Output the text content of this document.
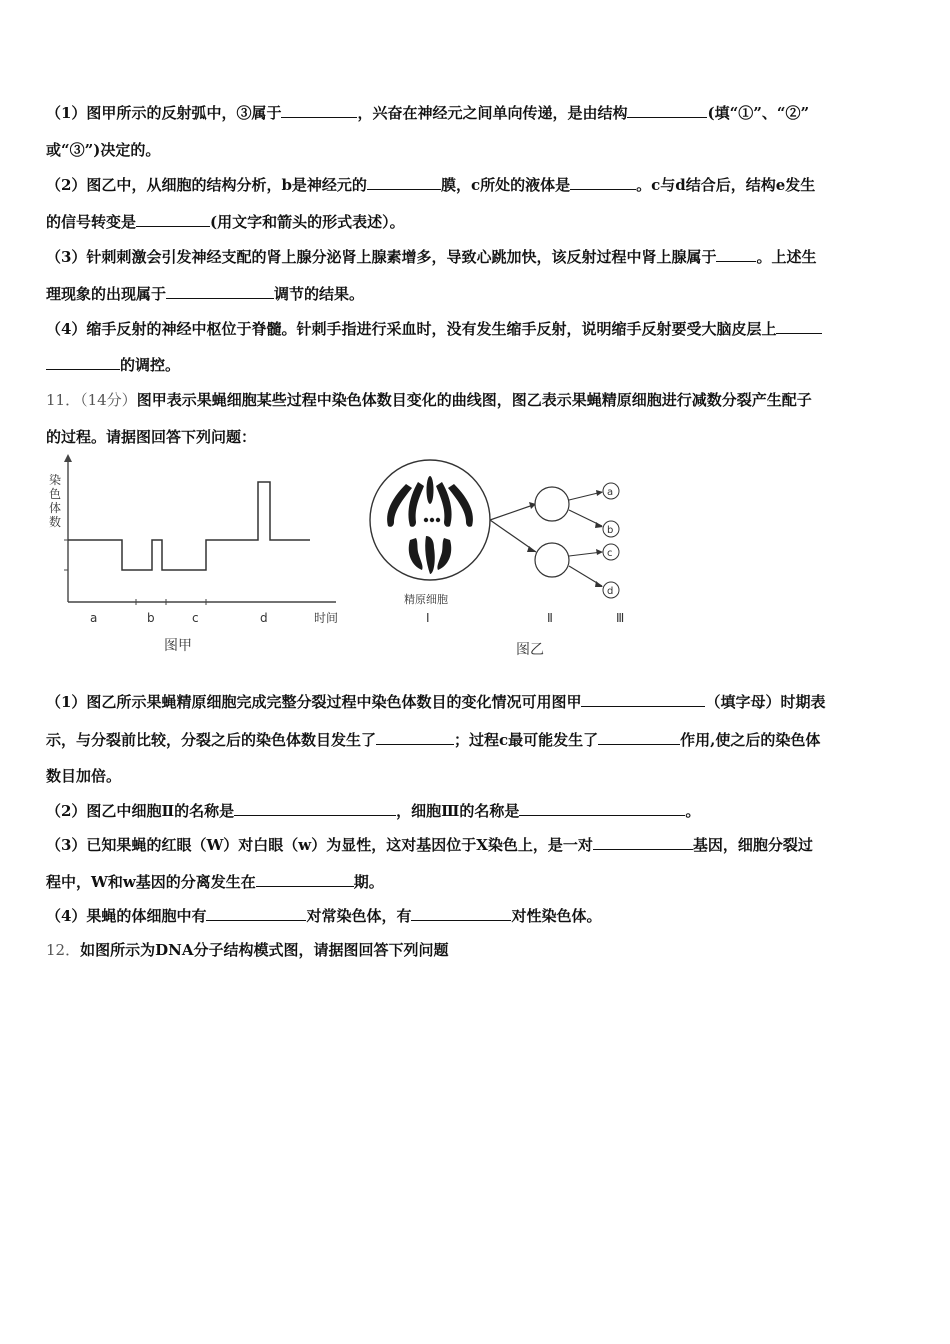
（1）图甲所示的反射弧中，③属于	，兴奋在神经元之间单向传递，是由结构	(填“①”、“②”
或“③”)决定的。
（2）图乙中，从细胞的结构分析，b是神经元的	膜，c所处的液体是	。c与d结合后，结构e发生
的信号转变是	(用文字和箭头的形式表述）。
（3）针刺刺激会引发神经支配的肾上腺分泌肾上腺素增多，导致心跳加快，该反射过程中肾上腺属于	。上述生
理现象的出现属于	调节的结果。
（4）缩手反射的神经中枢位于脊髓。针刺手指进行采血时，没有发生缩手反射，说明缩手反射要受大脑皮层上
的调控。
11．（14分）图甲表示果蝇细胞某些过程中染色体数目变化的曲线图，图乙表示果蝇精原细胞进行减数分裂产生配子
的过程。请据图回答下列问题：
染
色
体
数
a	b	c	d	时间
图甲
a
b
c
d
精原细胞
Ⅰ	Ⅱ	Ⅲ
图乙
（1）图乙所示果蝇精原细胞完成完整分裂过程中染色体数目的变化情况可用图甲	（填字母）时期表
示，与分裂前比较，分裂之后的染色体数目发生了	；过程c最可能发生了	作用,使之后的染色体
数目加倍。
（2）图乙中细胞Ⅱ的名称是	，细胞Ⅲ的名称是	。
（3）已知果蝇的红眼（W）对白眼（w）为显性，这对基因位于X染色上，是一对	基因，细胞分裂过
程中，W和w基因的分离发生在	期。
（4）果蝇的体细胞中有	对常染色体，有	对性染色体。
12．如图所示为DNA分子结构模式图，请据图回答下列问题
